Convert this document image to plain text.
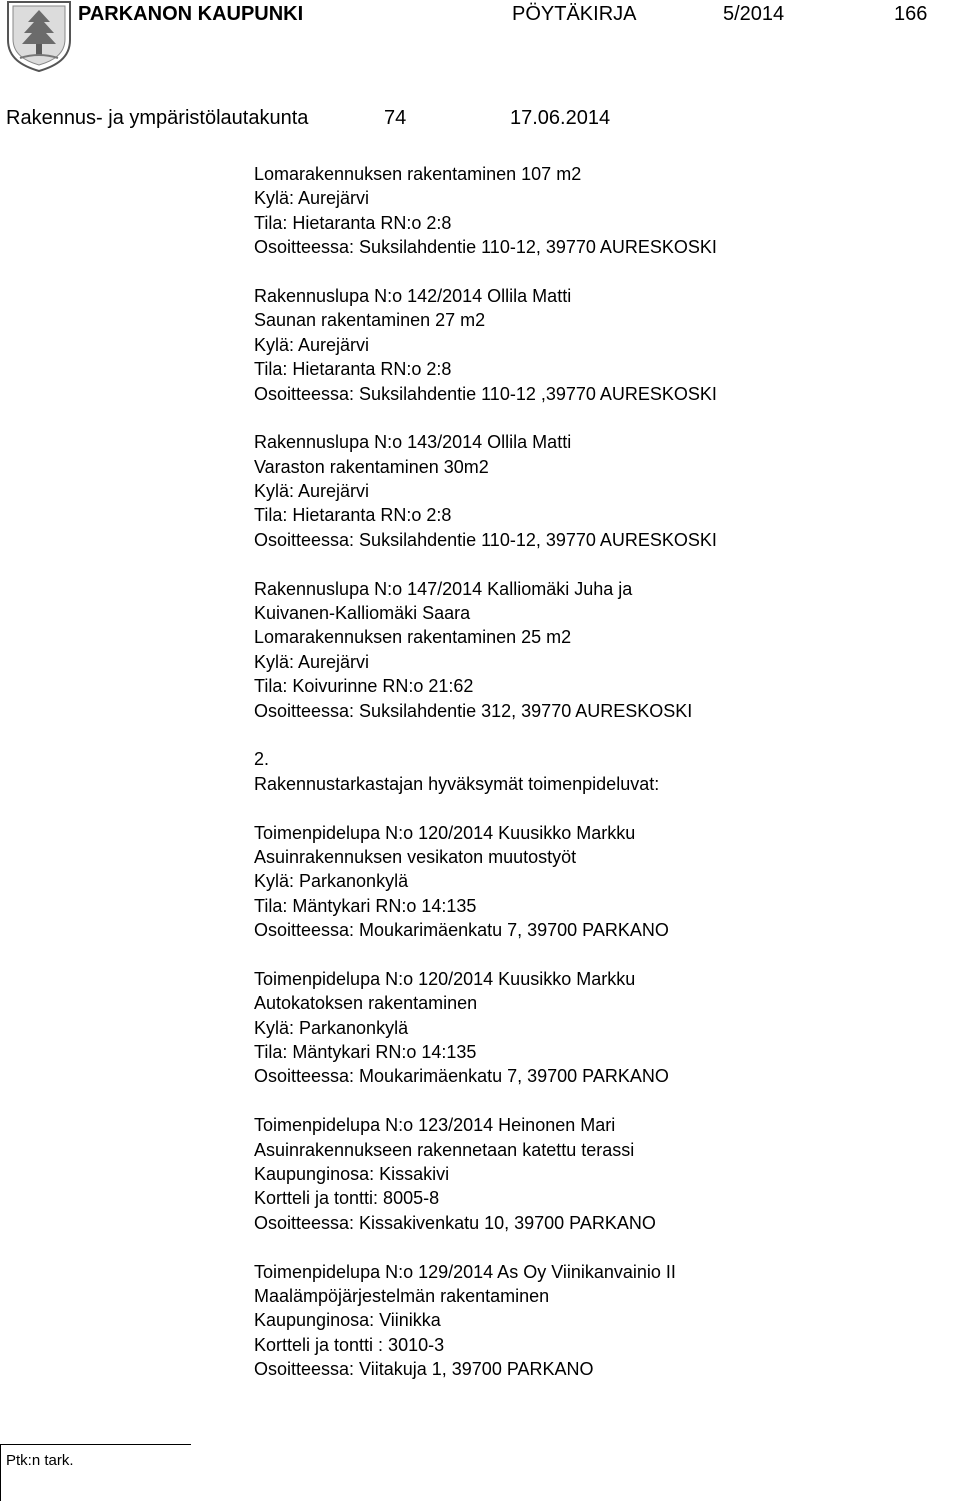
PARKANON KAUPUNKI	PÖYTÄKIRJA	5/2014	166
Rakennus- ja ympäristölautakunta	74	17.06.2014
Lomarakennuksen rakentaminen 107 m2
Kylä: Aurejärvi
Tila: Hietaranta RN:o 2:8
Osoitteessa: Suksilahdentie 110-12, 39770 AURESKOSKI
Rakennuslupa N:o 142/2014 Ollila Matti
Saunan rakentaminen 27 m2
Kylä: Aurejärvi
Tila: Hietaranta RN:o 2:8
Osoitteessa: Suksilahdentie 110-12 ,39770 AURESKOSKI
Rakennuslupa N:o 143/2014 Ollila Matti
Varaston rakentaminen 30m2
Kylä: Aurejärvi
Tila: Hietaranta RN:o 2:8
Osoitteessa: Suksilahdentie 110-12, 39770 AURESKOSKI
Rakennuslupa N:o 147/2014 Kalliomäki Juha ja
Kuivanen-Kalliomäki Saara
Lomarakennuksen rakentaminen 25 m2
Kylä: Aurejärvi
Tila: Koivurinne RN:o 21:62
Osoitteessa: Suksilahdentie 312, 39770 AURESKOSKI
2.
Rakennustarkastajan hyväksymät toimenpideluvat:
Toimenpidelupa N:o 120/2014 Kuusikko Markku
Asuinrakennuksen vesikaton muutostyöt
Kylä: Parkanonkylä
Tila: Mäntykari RN:o 14:135
Osoitteessa: Moukarimäenkatu 7, 39700 PARKANO
Toimenpidelupa N:o 120/2014 Kuusikko Markku
Autokatoksen rakentaminen
Kylä: Parkanonkylä
Tila: Mäntykari RN:o 14:135
Osoitteessa: Moukarimäenkatu 7, 39700 PARKANO
Toimenpidelupa N:o 123/2014 Heinonen Mari
Asuinrakennukseen rakennetaan katettu terassi
Kaupunginosa: Kissakivi
Kortteli ja tontti: 8005-8
Osoitteessa: Kissakivenkatu 10, 39700 PARKANO
Toimenpidelupa N:o 129/2014 As Oy Viinikanvainio II
Maalämpöjärjestelmän rakentaminen
Kaupunginosa: Viinikka
Kortteli ja tontti : 3010-3
Osoitteessa: Viitakuja 1, 39700 PARKANO
Ptk:n tark.
